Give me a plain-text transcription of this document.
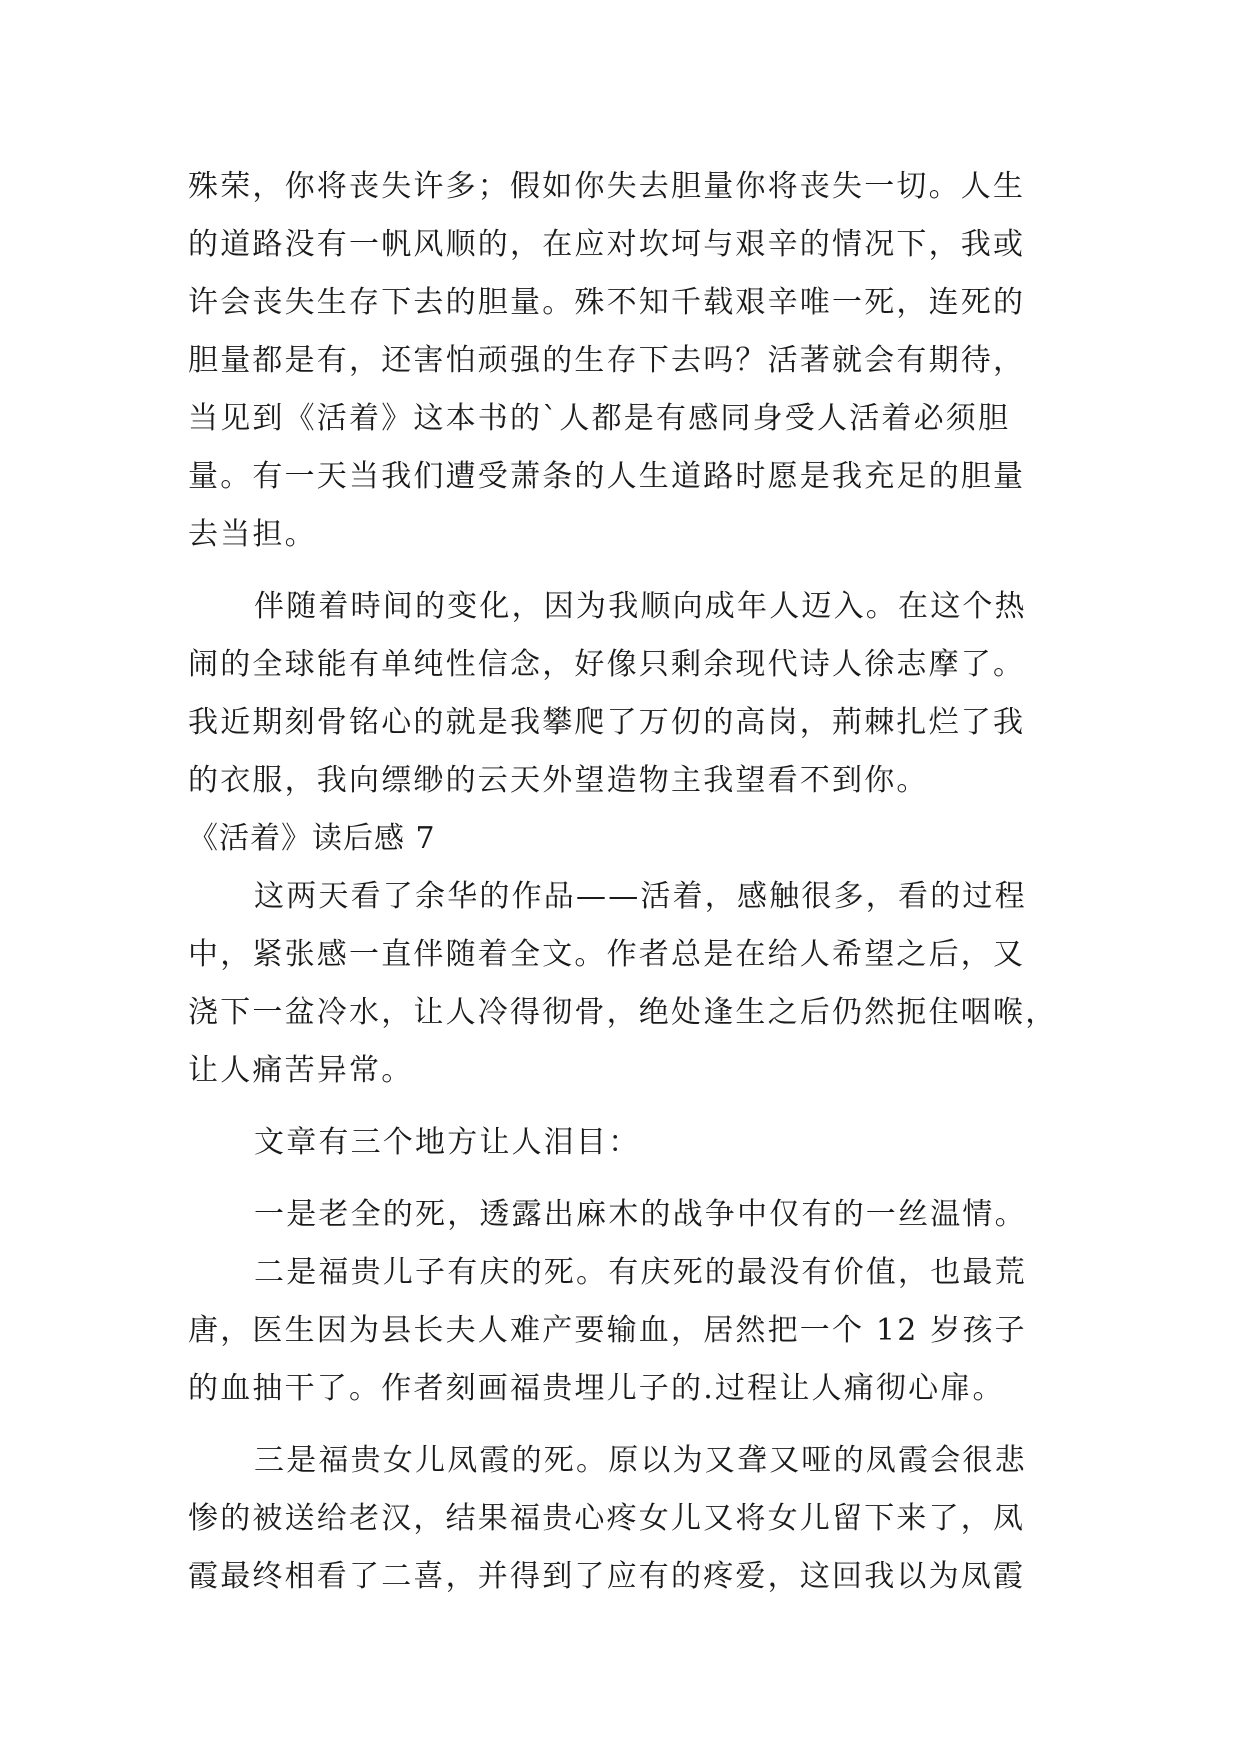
殊荣，你将丧失许多；假如你失去胆量你将丧失一切。人生
的道路没有一帆风顺的，在应对坎坷与艰辛的情况下，我或
许会丧失生存下去的胆量。殊不知千载艰辛唯一死，连死的
胆量都是有，还害怕顽强的生存下去吗？活著就会有期待，
当见到《活着》这本书的`人都是有感同身受人活着必须胆
量。有一天当我们遭受萧条的人生道路时愿是我充足的胆量
去当担。
伴随着時间的变化，因为我顺向成年人迈入。在这个热
闹的全球能有单纯性信念，好像只剩余现代诗人徐志摩了。
我近期刻骨铭心的就是我攀爬了万仞的高岗，荊棘扎烂了我
的衣服，我向缥缈的云天外望造物主我望看不到你。
《活着》读后感 7
这两天看了余华的作品——活着，感触很多，看的过程
中，紧张感一直伴随着全文。作者总是在给人希望之后，又
浇下一盆冷水，让人冷得彻骨，绝处逢生之后仍然扼住咽喉，
让人痛苦异常。
文章有三个地方让人泪目：
一是老全的死，透露出麻木的战争中仅有的一丝温情。
二是福贵儿子有庆的死。有庆死的最没有价值，也最荒
唐，医生因为县长夫人难产要输血，居然把一个 12 岁孩子
的血抽干了。作者刻画福贵埋儿子的.过程让人痛彻心扉。
三是福贵女儿凤霞的死。原以为又聋又哑的凤霞会很悲
惨的被送给老汉，结果福贵心疼女儿又将女儿留下来了，凤
霞最终相看了二喜，并得到了应有的疼爱，这回我以为凤霞
